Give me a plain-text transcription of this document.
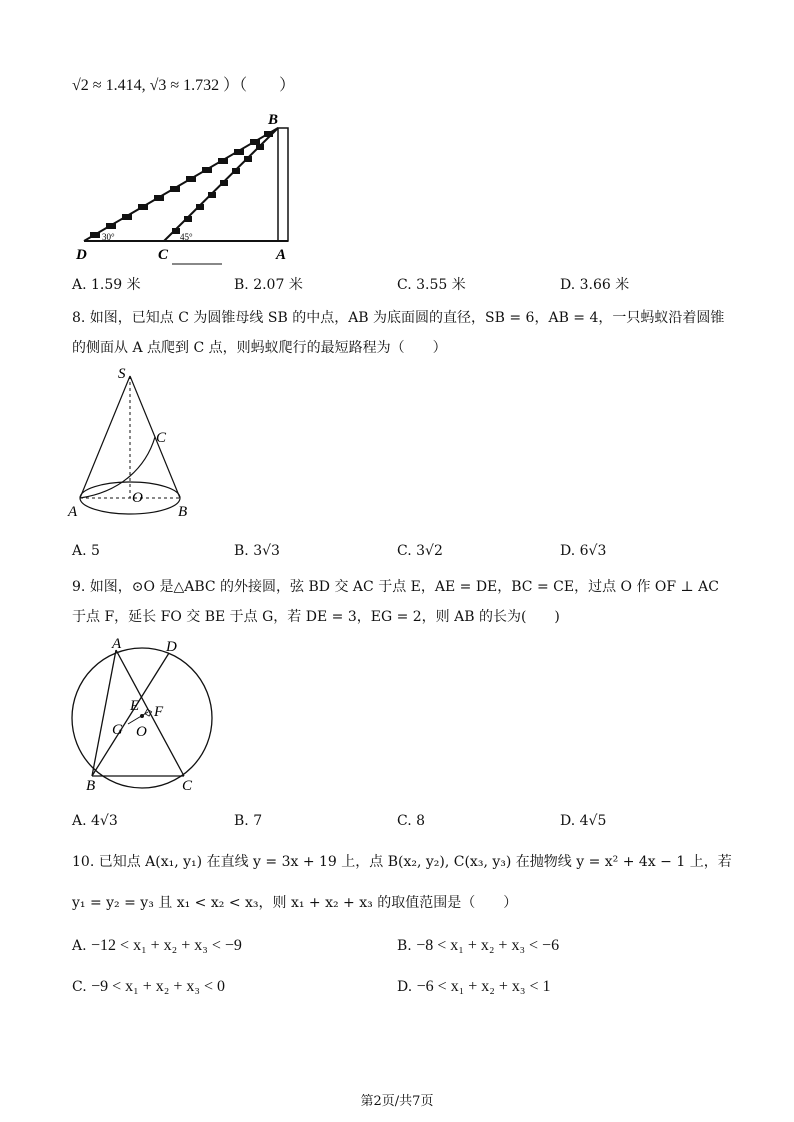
√2 ≈ 1.414, √3 ≈ 1.732 ）（　　）
B
D	C	A
30°	45°
A. 1.59 米	B. 2.07 米	C. 3.55 米	D. 3.66 米
8. 如图，已知点 C 为圆锥母线 SB 的中点，AB 为底面圆的直径，SB = 6，AB = 4，一只蚂蚁沿着圆锥
的侧面从 A 点爬到 C 点，则蚂蚁爬行的最短路程为（　　）
S
C
A
O
B
A. 5	B. 3√3	C. 3√2	D. 6√3
9. 如图，⊙O 是△ABC 的外接圆，弦 BD 交 AC 于点 E，AE = DE，BC = CE，过点 O 作 OF ⊥ AC
于点 F，延长 FO 交 BE 于点 G，若 DE = 3，EG = 2，则 AB 的长为(　　)
A	D
E F
G O
B	C
A. 4√3	B. 7	C. 8	D. 4√5
10. 已知点 A(x₁, y₁) 在直线 y = 3x + 19 上，点 B(x₂, y₂), C(x₃, y₃) 在抛物线 y = x² + 4x − 1 上，若
y₁ = y₂ = y₃ 且 x₁ < x₂ < x₃，则 x₁ + x₂ + x₃ 的取值范围是（　　）
A. −12 < x₁ + x₂ + x₃ < −9	B. −8 < x₁ + x₂ + x₃ < −6
C. −9 < x₁ + x₂ + x₃ < 0	D. −6 < x₁ + x₂ + x₃ < 1
第2页/共7页
